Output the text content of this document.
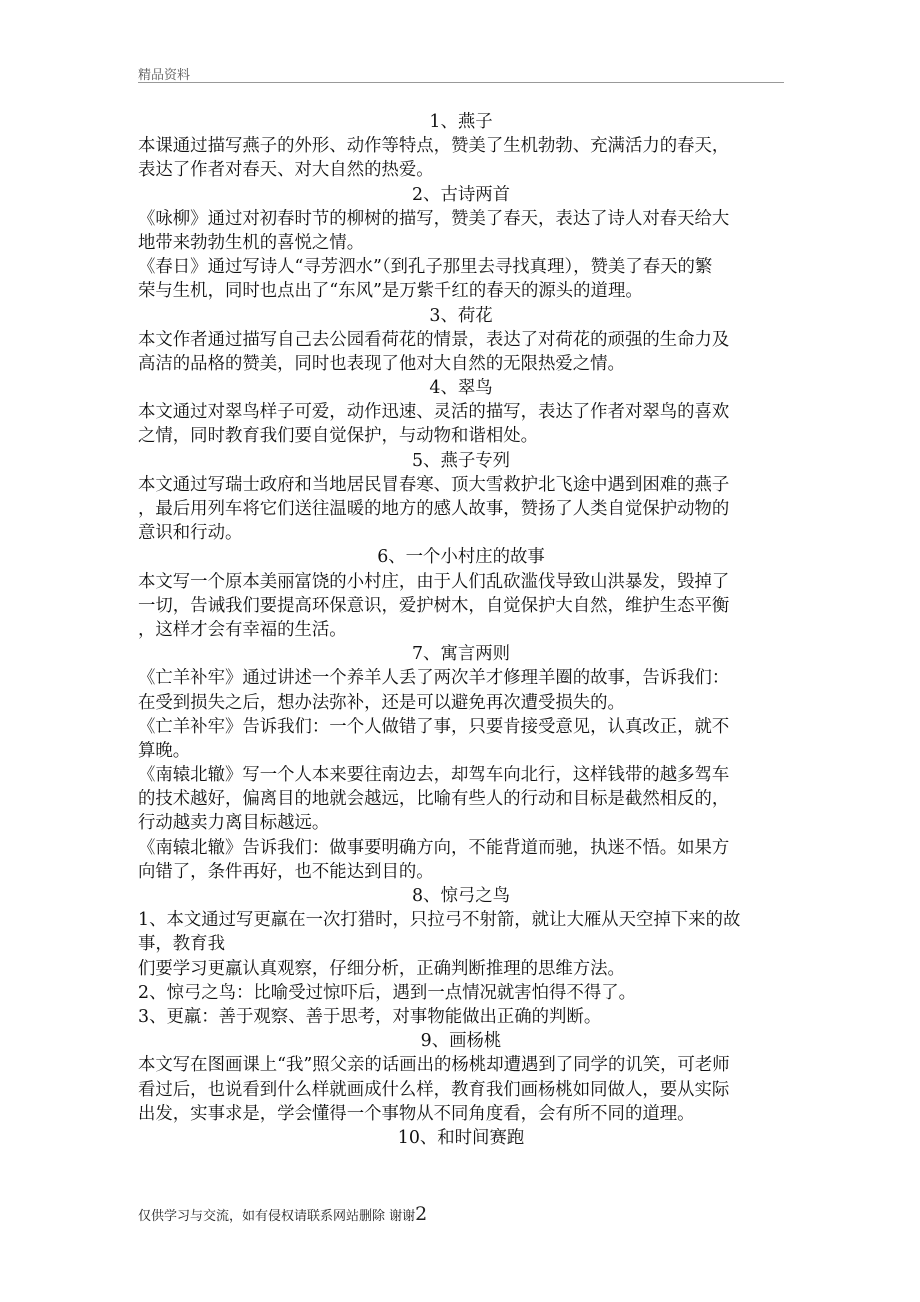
精品资料
1、燕子
本课通过描写燕子的外形、动作等特点，赞美了生机勃勃、充满活力的春天，
表达了作者对春天、对大自然的热爱。
2、古诗两首
《咏柳》通过对初春时节的柳树的描写，赞美了春天，表达了诗人对春天给大
地带来勃勃生机的喜悦之情。
《春日》通过写诗人“寻芳泗水”（到孔子那里去寻找真理），赞美了春天的繁
荣与生机，同时也点出了“东风”是万紫千红的春天的源头的道理。
3、荷花
本文作者通过描写自己去公园看荷花的情景，表达了对荷花的顽强的生命力及
高洁的品格的赞美，同时也表现了他对大自然的无限热爱之情。
4、翠鸟
本文通过对翠鸟样子可爱，动作迅速、灵活的描写，表达了作者对翠鸟的喜欢
之情，同时教育我们要自觉保护，与动物和谐相处。
5、燕子专列
本文通过写瑞士政府和当地居民冒春寒、顶大雪救护北飞途中遇到困难的燕子
，最后用列车将它们送往温暖的地方的感人故事，赞扬了人类自觉保护动物的
意识和行动。
6、一个小村庄的故事
本文写一个原本美丽富饶的小村庄，由于人们乱砍滥伐导致山洪暴发，毁掉了
一切，告诫我们要提高环保意识，爱护树木，自觉保护大自然，维护生态平衡
，这样才会有幸福的生活。
7、寓言两则
《亡羊补牢》通过讲述一个养羊人丢了两次羊才修理羊圈的故事，告诉我们：
在受到损失之后，想办法弥补，还是可以避免再次遭受损失的。
《亡羊补牢》告诉我们：一个人做错了事，只要肯接受意见，认真改正，就不
算晚。
《南辕北辙》写一个人本来要往南边去，却驾车向北行，这样钱带的越多驾车
的技术越好，偏离目的地就会越远，比喻有些人的行动和目标是截然相反的，
行动越卖力离目标越远。
《南辕北辙》告诉我们：做事要明确方向，不能背道而驰，执迷不悟。如果方
向错了，条件再好，也不能达到目的。
8、惊弓之鸟
1、本文通过写更羸在一次打猎时，只拉弓不射箭，就让大雁从天空掉下来的故
事，教育我
们要学习更羸认真观察，仔细分析，正确判断推理的思维方法。
2、惊弓之鸟：比喻受过惊吓后，遇到一点情况就害怕得不得了。
3、更羸：善于观察、善于思考，对事物能做出正确的判断。
9、画杨桃
本文写在图画课上“我”照父亲的话画出的杨桃却遭遇到了同学的讥笑，可老师
看过后，也说看到什么样就画成什么样，教育我们画杨桃如同做人，要从实际
出发，实事求是，学会懂得一个事物从不同角度看，会有所不同的道理。
10、和时间赛跑
仅供学习与交流，如有侵权请联系网站删除 谢谢2
